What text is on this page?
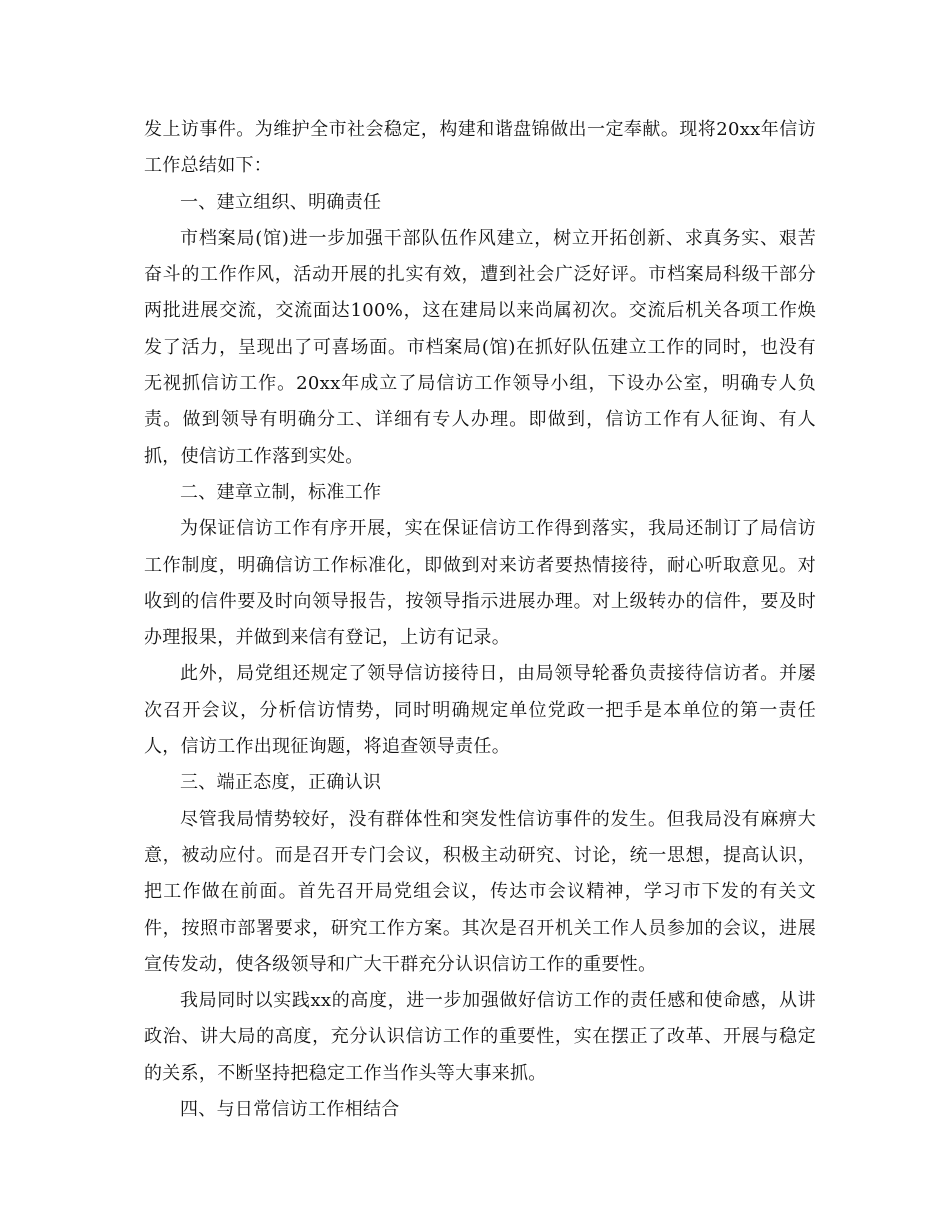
发上访事件。为维护全市社会稳定，构建和谐盘锦做出一定奉献。现将20xx年信访工作总结如下：

一、建立组织、明确责任

市档案局(馆)进一步加强干部队伍作风建立，树立开拓创新、求真务实、艰苦奋斗的工作作风，活动开展的扎实有效，遭到社会广泛好评。市档案局科级干部分两批进展交流，交流面达100%，这在建局以来尚属初次。交流后机关各项工作焕发了活力，呈现出了可喜场面。市档案局(馆)在抓好队伍建立工作的同时，也没有无视抓信访工作。20xx年成立了局信访工作领导小组，下设办公室，明确专人负责。做到领导有明确分工、详细有专人办理。即做到，信访工作有人征询、有人抓，使信访工作落到实处。

二、建章立制，标准工作

为保证信访工作有序开展，实在保证信访工作得到落实，我局还制订了局信访工作制度，明确信访工作标准化，即做到对来访者要热情接待，耐心听取意见。对收到的信件要及时向领导报告，按领导指示进展办理。对上级转办的信件，要及时办理报果，并做到来信有登记，上访有记录。

此外，局党组还规定了领导信访接待日，由局领导轮番负责接待信访者。并屡次召开会议，分析信访情势，同时明确规定单位党政一把手是本单位的第一责任人，信访工作出现征询题，将追查领导责任。

三、端正态度，正确认识

尽管我局情势较好，没有群体性和突发性信访事件的发生。但我局没有麻痹大意，被动应付。而是召开专门会议，积极主动研究、讨论，统一思想，提高认识，把工作做在前面。首先召开局党组会议，传达市会议精神，学习市下发的有关文件，按照市部署要求，研究工作方案。其次是召开机关工作人员参加的会议，进展宣传发动，使各级领导和广大干群充分认识信访工作的重要性。

我局同时以实践xx的高度，进一步加强做好信访工作的责任感和使命感，从讲政治、讲大局的高度，充分认识信访工作的重要性，实在摆正了改革、开展与稳定的关系，不断坚持把稳定工作当作头等大事来抓。

四、与日常信访工作相结合
